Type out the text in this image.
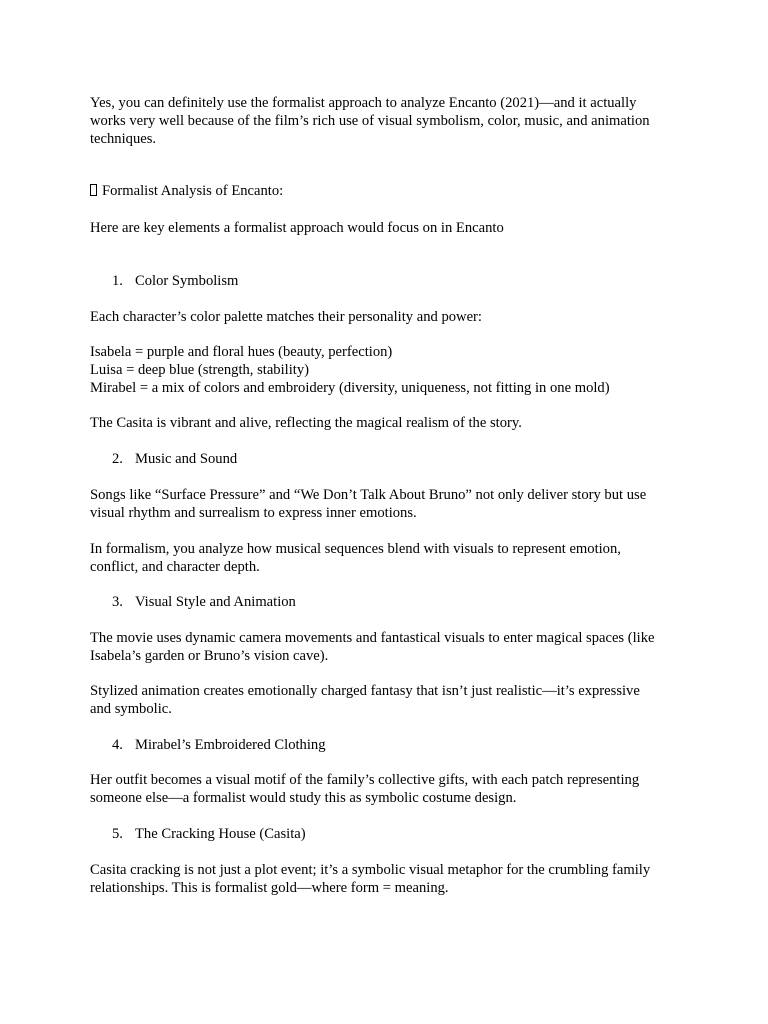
Yes, you can definitely use the formalist approach to analyze Encanto (2021)—and it actually
works very well because of the film’s rich use of visual symbolism, color, music, and animation
techniques.

Formalist Analysis of Encanto:

Here are key elements a formalist approach would focus on in Encanto

1. Color Symbolism

Each character’s color palette matches their personality and power:

Isabela = purple and floral hues (beauty, perfection)
Luisa = deep blue (strength, stability)
Mirabel = a mix of colors and embroidery (diversity, uniqueness, not fitting in one mold)

The Casita is vibrant and alive, reflecting the magical realism of the story.

2. Music and Sound

Songs like “Surface Pressure” and “We Don’t Talk About Bruno” not only deliver story but use
visual rhythm and surrealism to express inner emotions.

In formalism, you analyze how musical sequences blend with visuals to represent emotion,
conflict, and character depth.

3. Visual Style and Animation

The movie uses dynamic camera movements and fantastical visuals to enter magical spaces (like
Isabela’s garden or Bruno’s vision cave).

Stylized animation creates emotionally charged fantasy that isn’t just realistic—it’s expressive
and symbolic.

4. Mirabel’s Embroidered Clothing

Her outfit becomes a visual motif of the family’s collective gifts, with each patch representing
someone else—a formalist would study this as symbolic costume design.

5. The Cracking House (Casita)

Casita cracking is not just a plot event; it’s a symbolic visual metaphor for the crumbling family
relationships. This is formalist gold—where form = meaning.
